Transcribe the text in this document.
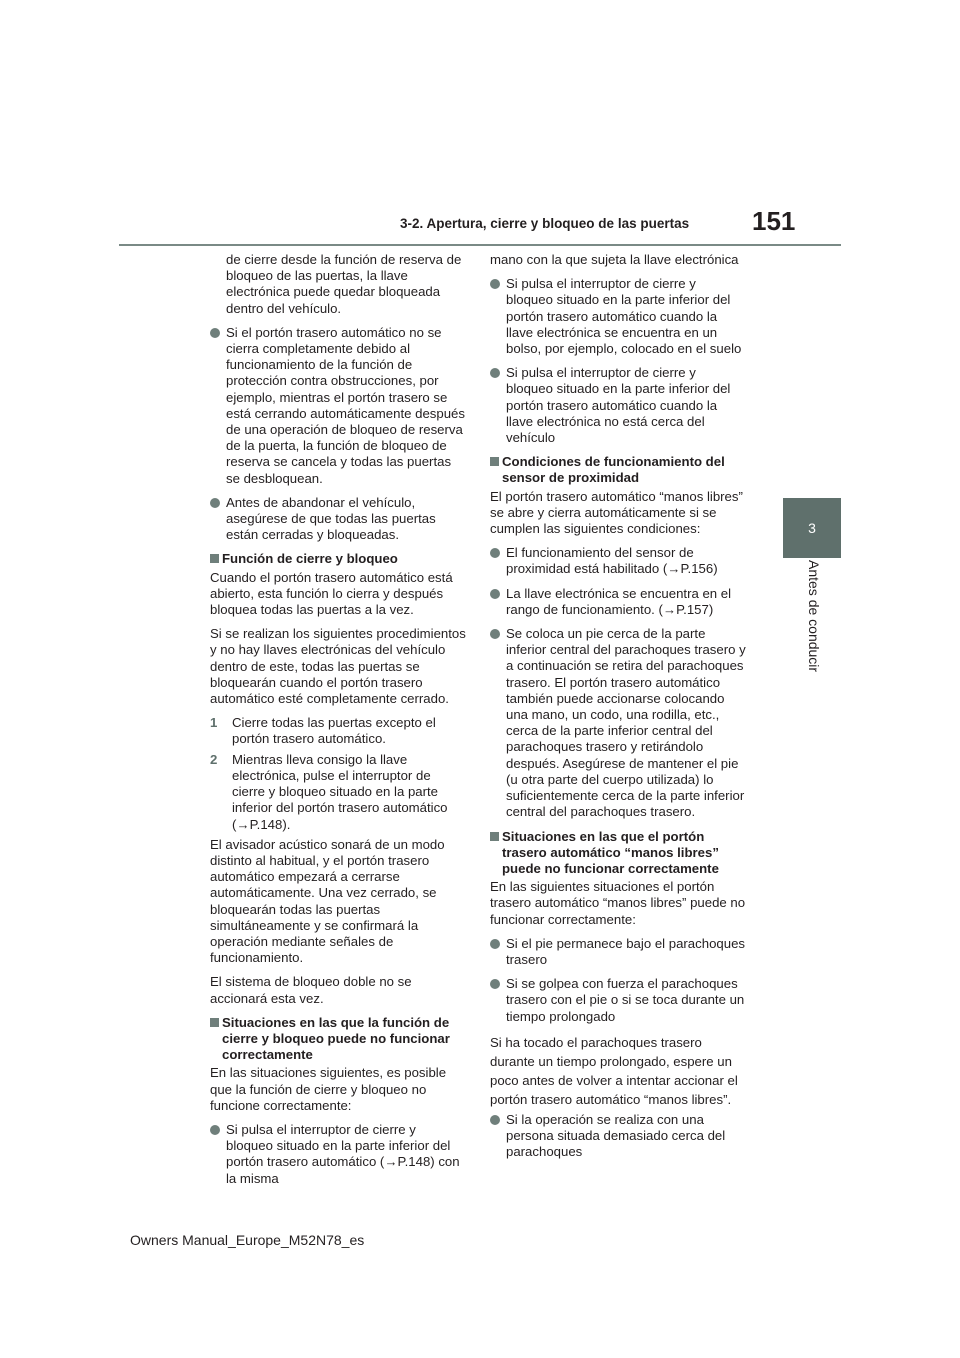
3-2. Apertura, cierre y bloqueo de las puertas 151
3
Antes de conducir
de cierre desde la función de reserva de bloqueo de las puertas, la llave electrónica puede quedar bloqueada dentro del vehículo.
Si el portón trasero automático no se cierra completamente debido al funcionamiento de la función de protección contra obstrucciones, por ejemplo, mientras el portón trasero se está cerrando automáticamente después de una operación de bloqueo de reserva de la puerta, la función de bloqueo de reserva se cancela y todas las puertas se desbloquean.
Antes de abandonar el vehículo, asegúrese de que todas las puertas están cerradas y bloqueadas.
Función de cierre y bloqueo
Cuando el portón trasero automático está abierto, esta función lo cierra y después bloquea todas las puertas a la vez.
Si se realizan los siguientes procedimientos y no hay llaves electrónicas del vehículo dentro de este, todas las puertas se bloquearán cuando el portón trasero automático esté completamente cerrado.
1 Cierre todas las puertas excepto el portón trasero automático.
2 Mientras lleva consigo la llave electrónica, pulse el interruptor de cierre y bloqueo situado en la parte inferior del portón trasero automático (→P.148).
El avisador acústico sonará de un modo distinto al habitual, y el portón trasero automático empezará a cerrarse automáticamente. Una vez cerrado, se bloquearán todas las puertas simultáneamente y se confirmará la operación mediante señales de funcionamiento.
El sistema de bloqueo doble no se accionará esta vez.
Situaciones en las que la función de cierre y bloqueo puede no funcionar correctamente
En las situaciones siguientes, es posible que la función de cierre y bloqueo no funcione correctamente:
Si pulsa el interruptor de cierre y bloqueo situado en la parte inferior del portón trasero automático (→P.148) con la misma
mano con la que sujeta la llave electrónica
Si pulsa el interruptor de cierre y bloqueo situado en la parte inferior del portón trasero automático cuando la llave electrónica se encuentra en un bolso, por ejemplo, colocado en el suelo
Si pulsa el interruptor de cierre y bloqueo situado en la parte inferior del portón trasero automático cuando la llave electrónica no está cerca del vehículo
Condiciones de funcionamiento del sensor de proximidad
El portón trasero automático “manos libres” se abre y cierra automáticamente si se cumplen las siguientes condiciones:
El funcionamiento del sensor de proximidad está habilitado (→P.156)
La llave electrónica se encuentra en el rango de funcionamiento. (→P.157)
Se coloca un pie cerca de la parte inferior central del parachoques trasero y a continuación se retira del parachoques trasero. El portón trasero automático también puede accionarse colocando una mano, un codo, una rodilla, etc., cerca de la parte inferior central del parachoques trasero y retirándolo después. Asegúrese de mantener el pie (u otra parte del cuerpo utilizada) lo suficientemente cerca de la parte inferior central del parachoques trasero.
Situaciones en las que el portón trasero automático “manos libres” puede no funcionar correctamente
En las siguientes situaciones el portón trasero automático “manos libres” puede no funcionar correctamente:
Si el pie permanece bajo el parachoques trasero
Si se golpea con fuerza el parachoques trasero con el pie o si se toca durante un tiempo prolongado
Si ha tocado el parachoques trasero durante un tiempo prolongado, espere un poco antes de volver a intentar accionar el portón trasero automático “manos libres”.
Si la operación se realiza con una persona situada demasiado cerca del parachoques
Owners Manual_Europe_M52N78_es
